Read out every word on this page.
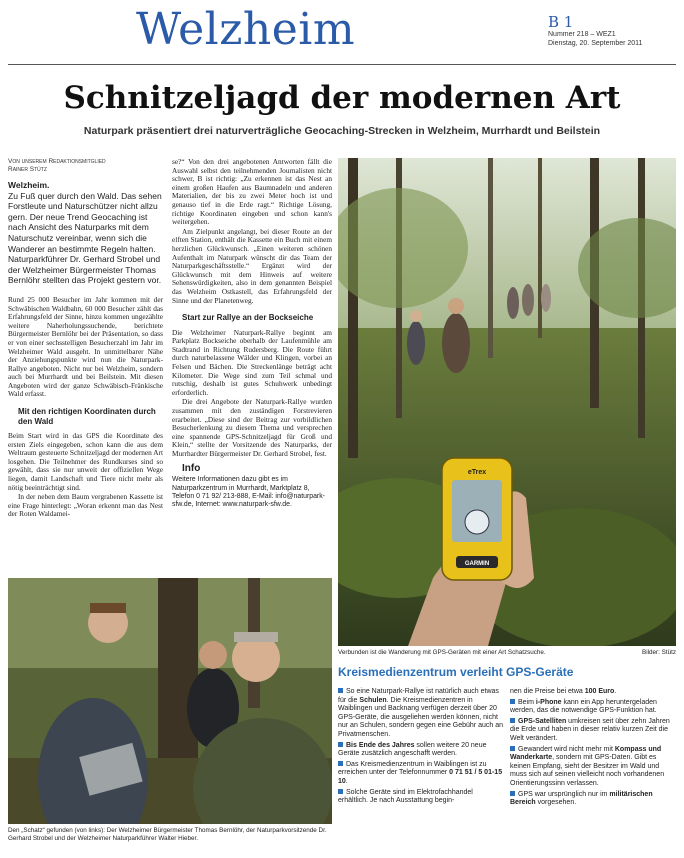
Welzheim	B 1
Nummer 218 – WEZ1
Dienstag, 20. September 2011
Schnitzeljagd der modernen Art
Naturpark präsentiert drei naturverträgliche Geocaching-Strecken in Welzheim, Murrhardt und Beilstein
Von unserem Redaktionsmitglied
Rainer Stütz
Welzheim.
Zu Fuß quer durch den Wald. Das sehen Forstleute und Naturschützer nicht allzu gern. Der neue Trend Geocaching ist nach Ansicht des Naturparks mit dem Naturschutz vereinbar, wenn sich die Wanderer an bestimmte Regeln halten. Naturparkführer Dr. Gerhard Strobel und der Welzheimer Bürgermeister Thomas Bernlöhr stellten das Projekt gestern vor.

Rund 25 000 Besucher im Jahr kommen mit der Schwäbischen Waldbahn, 60 000 Besucher zählt das Erfahrungsfeld der Sinne, hinzu kommen ungezählte weitere Naherholungssuchende, berichtete Bürgermeister Bernlöhr bei der Präsentation, so dass er von einer sechsstelligen Besucherzahl im Jahr im Welzheimer Wald ausgeht. In unmittelbarer Nähe der Anziehungspunkte wird nun die Naturpark-Rallye angeboten. Nicht nur bei Welzheim, sondern auch bei Murrhardt und bei Beilstein. Mit diesen Angeboten wird der ganze Schwäbisch-Fränkische Wald erfasst.

Mit den richtigen Koordinaten durch den Wald

Beim Start wird in das GPS die Koordinate des ersten Ziels eingegeben, schon kann die aus dem Weltraum gesteuerte Schnitzeljagd der modernen Art losgehen. Die Teilnehmer des Rundkurses sind so gewählt, dass sie nur unweit der offiziellen Wege liegen, damit Landschaft und Tiere nicht mehr als nötig beeinträchtigt sind.

In der neben dem Baum vergrabenen Kassette ist eine Frage hinterlegt: „Woran erkennt man das Nest der Roten Waldamei-

se?“ Von den drei angebotenen Antworten fällt die Auswahl selbst den teilnehmenden Journalisten nicht schwer, B ist richtig: „Zu erkennen ist das Nest an einem großen Haufen aus Baumnadeln und anderen Materialien, der bis zu zwei Meter hoch ist und genauso tief in die Erde ragt.“ Richtige Lösung, richtige Koordinaten eingeben und schon kann's weitergehen.

Am Zielpunkt angelangt, bei dieser Route an der elften Station, enthält die Kassette ein Buch mit einem herzlichen Glückwunsch. „Einen weiteren schönen Aufenthalt im Naturpark wünscht dir das Team der Naturparkgeschäftsstelle.“ Ergänzt wird der Glückwunsch mit dem Hinweis auf weitere Sehenswürdigkeiten, also in dem genannten Beispiel das Welzheim Ostkastell, das Erfahrungsfeld der Sinne und der Planetenweg.

Start zur Rallye an der Bockseiche

Die Welzheimer Naturpark-Rallye beginnt am Parkplatz Bockseiche oberhalb der Laufenmühle am Stadtrand in Richtung Rudersberg. Die Route führt durch naturbelassene Wälder und Klingen, vorbei an Felsen und Bächen. Die Streckenlänge beträgt acht Kilometer. Die Wege sind zum Teil schmal und rutschig, deshalb ist gutes Schuhwerk unbedingt erforderlich.

Die drei Angebote der Naturpark-Rallye wurden zusammen mit den zuständigen Forstrevieren erarbeitet. „Diese sind der Beitrag zur vorbildlichen Besucherlenkung zu diesem Thema und versprechen eine spannende GPS-Schnitzeljagd für Groß und Klein,“ stellte der Vorsitzende des Naturparks, der Murrhardter Bürgermeister Dr. Gerhard Strobel, fest.

Info
Weitere Informationen dazu gibt es im Naturparkzentrum in Murrhardt, Marktplatz 8, Telefon 0 71 92/ 213-888, E-Mail: info@naturpark-sfw.de, Internet: www.naturpark-sfw.de.
eTrex
GARMIN
Verbunden ist die Wanderung mit GPS-Geräten mit einer Art Schatzsuche.	Bilder: Stütz
Den „Schatz“ gefunden (von links): Der Welzheimer Bürgermeister Thomas Bernlöhr, der Naturparkvorsitzende Dr. Gerhard Strobel und der Welzheimer Naturparkführer Walter Hieber.
Kreismedienzentrum verleiht GPS-Geräte
So eine Naturpark-Rallye ist natürlich auch etwas für die Schulen. Die Kreismedienzentren in Waiblingen und Backnang verfügen derzeit über 20 GPS-Geräte, die ausgeliehen werden können, nicht nur an Schulen, sondern gegen eine Gebühr auch an Privatmenschen.
Bis Ende des Jahres sollen weitere 20 neue Geräte zusätzlich angeschafft werden.
Das Kreismedienzentrum in Waiblingen ist zu erreichen unter der Telefonnummer 0 71 51 / 5 01-15 10.
Solche Geräte sind im Elektrofachhandel erhältlich. Je nach Ausstattung begin-
nen die Preise bei etwa 100 Euro.
Beim i-Phone kann ein App heruntergeladen werden, das die notwendige GPS-Funktion hat.
GPS-Satelliten umkreisen seit über zehn Jahren die Erde und haben in dieser relativ kurzen Zeit die Welt verändert.
Gewandert wird nicht mehr mit Kompass und Wanderkarte, sondern mit GPS-Daten. Gibt es keinen Empfang, sieht der Besitzer im Wald und muss sich auf seinen vielleicht noch vorhandenen Orientierungssinn verlassen.
GPS war ursprünglich nur im militärischen Bereich vorgesehen.
